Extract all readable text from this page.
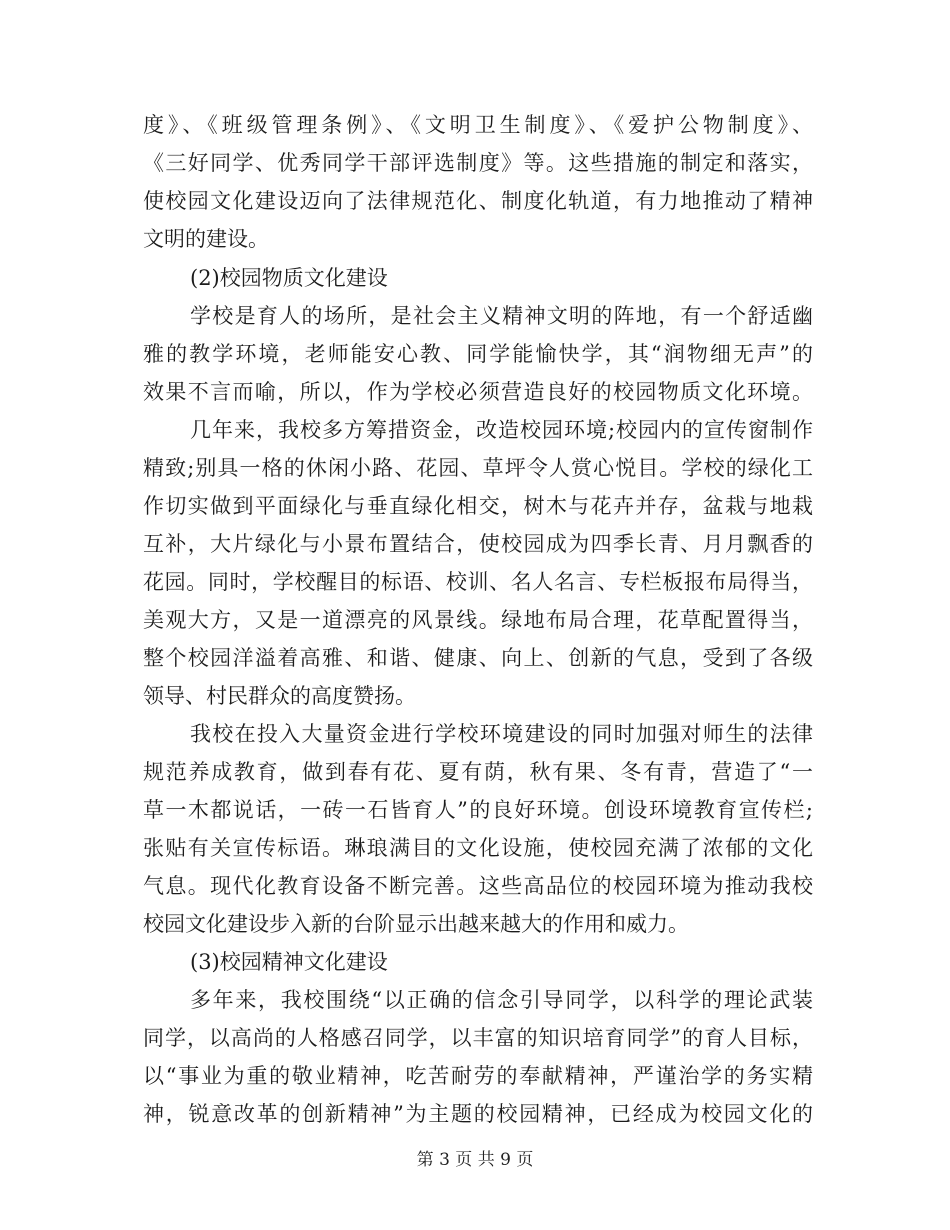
度》、《班级管理条例》、《文明卫生制度》、《爱护公物制度》、
《三好同学、优秀同学干部评选制度》等。这些措施的制定和落实，
使校园文化建设迈向了法律规范化、制度化轨道，有力地推动了精神
文明的建设。
(2)校园物质文化建设
学校是育人的场所，是社会主义精神文明的阵地，有一个舒适幽
雅的教学环境，老师能安心教、同学能愉快学，其“润物细无声”的
效果不言而喻，所以，作为学校必须营造良好的校园物质文化环境。
几年来，我校多方筹措资金，改造校园环境;校园内的宣传窗制作
精致;别具一格的休闲小路、花园、草坪令人赏心悦目。学校的绿化工
作切实做到平面绿化与垂直绿化相交，树木与花卉并存，盆栽与地栽
互补，大片绿化与小景布置结合，使校园成为四季长青、月月飘香的
花园。同时，学校醒目的标语、校训、名人名言、专栏板报布局得当，
美观大方，又是一道漂亮的风景线。绿地布局合理，花草配置得当，
整个校园洋溢着高雅、和谐、健康、向上、创新的气息，受到了各级
领导、村民群众的高度赞扬。
我校在投入大量资金进行学校环境建设的同时加强对师生的法律
规范养成教育，做到春有花、夏有荫，秋有果、冬有青，营造了“一
草一木都说话，一砖一石皆育人”的良好环境。创设环境教育宣传栏;
张贴有关宣传标语。琳琅满目的文化设施，使校园充满了浓郁的文化
气息。现代化教育设备不断完善。这些高品位的校园环境为推动我校
校园文化建设步入新的台阶显示出越来越大的作用和威力。
(3)校园精神文化建设
多年来，我校围绕“以正确的信念引导同学，以科学的理论武装
同学，以高尚的人格感召同学，以丰富的知识培育同学”的育人目标，
以“事业为重的敬业精神，吃苦耐劳的奉献精神，严谨治学的务实精
神，锐意改革的创新精神”为主题的校园精神，已经成为校园文化的
第 3 页 共 9 页
